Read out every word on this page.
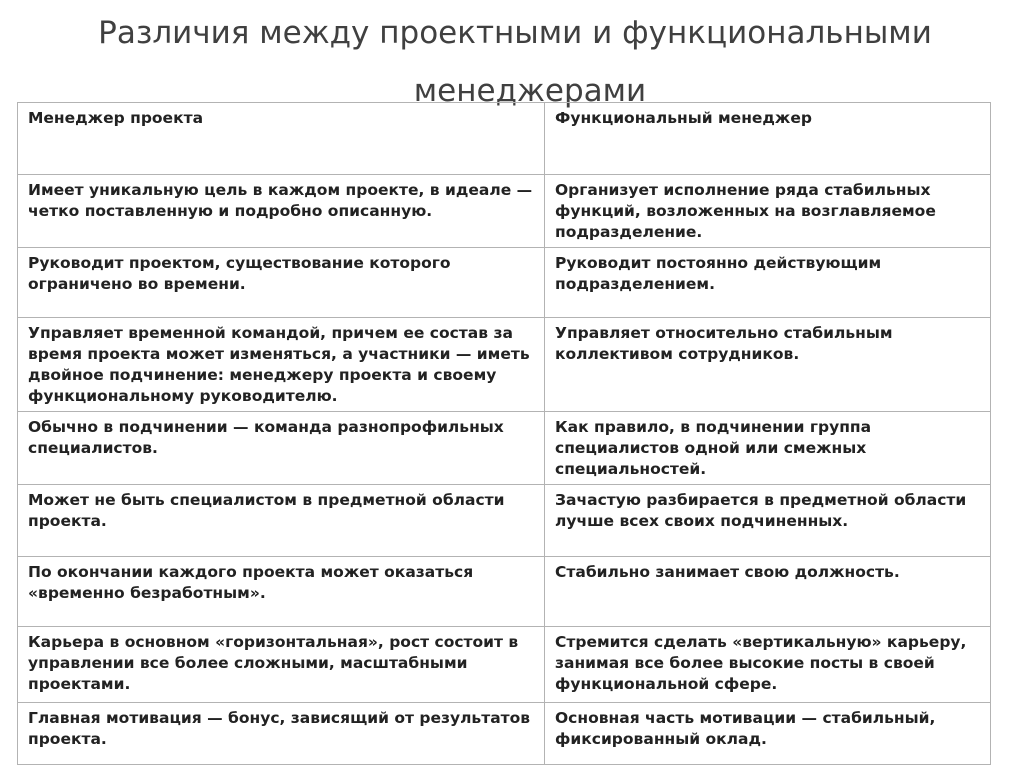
Различия между проектными и функциональными
менеджерами
Менеджер проекта	Функциональный менеджер
Имеет уникальную цель в каждом проекте, в идеале — четко поставленную и подробно описанную.	Организует исполнение ряда стабильных функций, возложенных на возглавляемое подразделение.
Руководит проектом, существование которого ограничено во времени.	Руководит постоянно действующим подразделением.
Управляет временной командой, причем ее состав за время проекта может изменяться, а участники — иметь двойное подчинение: менеджеру проекта и своему функциональному руководителю.	Управляет относительно стабильным коллективом сотрудников.
Обычно в подчинении — команда разнопрофильных специалистов.	Как правило, в подчинении группа специалистов одной или смежных специальностей.
Может не быть специалистом в предметной области проекта.	Зачастую разбирается в предметной области лучше всех своих подчиненных.
По окончании каждого проекта может оказаться «временно безработным».	Стабильно занимает свою должность.
Карьера в основном «горизонтальная», рост состоит в управлении все более сложными, масштабными проектами.	Стремится сделать «вертикальную» карьеру, занимая все более высокие посты в своей функциональной сфере.
Главная мотивация — бонус, зависящий от результатов проекта.	Основная часть мотивации — стабильный, фиксированный оклад.
